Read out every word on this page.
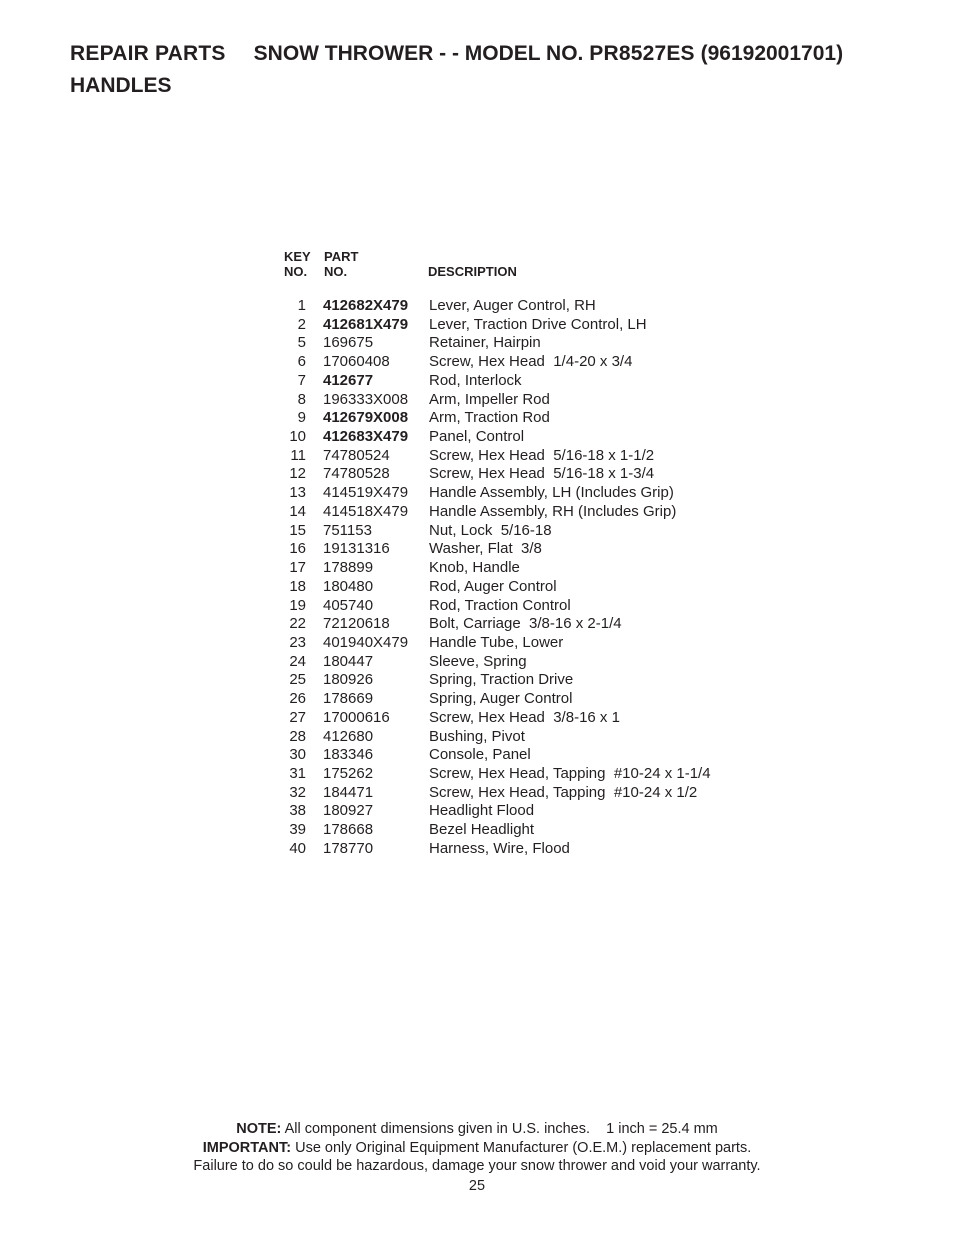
REPAIR PARTS SNOW THROWER - - MODEL NO. PR8527ES (96192001701)
HANDLES
KEY
NO.
PART
NO.	DESCRIPTION
1	412682X479	Lever, Auger Control, RH
2	412681X479	Lever, Traction Drive Control, LH
5	169675	Retainer, Hairpin
6	17060408	Screw, Hex Head  1/4-20 x 3/4
7	412677	Rod, Interlock
8	196333X008	Arm, Impeller Rod
9	412679X008	Arm, Traction Rod
10	412683X479	Panel, Control
11	74780524	Screw, Hex Head  5/16-18 x 1-1/2
12	74780528	Screw, Hex Head  5/16-18 x 1-3/4
13	414519X479	Handle Assembly, LH (Includes Grip)
14	414518X479	Handle Assembly, RH (Includes Grip)
15	751153	Nut, Lock  5/16-18
16	19131316	Washer, Flat  3/8
17	178899	Knob, Handle
18	180480	Rod, Auger Control
19	405740	Rod, Traction Control
22	72120618	Bolt, Carriage  3/8-16 x 2-1/4
23	401940X479	Handle Tube, Lower
24	180447	Sleeve, Spring
25	180926	Spring, Traction Drive
26	178669	Spring, Auger Control
27	17000616	Screw, Hex Head  3/8-16 x 1
28	412680	Bushing, Pivot
30	183346	Console, Panel
31	175262	Screw, Hex Head, Tapping  #10-24 x 1-1/4
32	184471	Screw, Hex Head, Tapping  #10-24 x 1/2
38	180927	Headlight Flood
39	178668	Bezel Headlight
40	178770	Harness, Wire, Flood
NOTE: All component dimensions given in U.S. inches.    1 inch = 25.4 mm
IMPORTANT: Use only Original Equipment Manufacturer (O.E.M.) replacement parts.
Failure to do so could be hazardous, damage your snow thrower and void your warranty.
25
